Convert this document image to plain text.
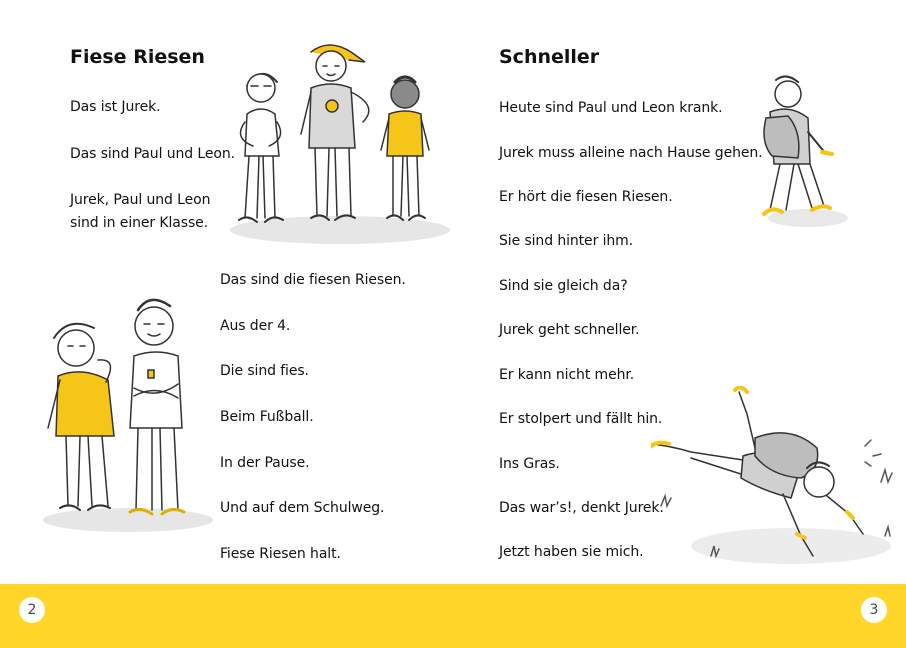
Fiese Riesen
Das ist Jurek.
Das sind Paul und Leon.
Jurek, Paul und Leon
sind in einer Klasse.
Das sind die fiesen Riesen.
Aus der 4.
Die sind fies.
Beim Fußball.
In der Pause.
Und auf dem Schulweg.
Fiese Riesen halt.
Schneller
Heute sind Paul und Leon krank.
Jurek muss alleine nach Hause gehen.
Er hört die fiesen Riesen.
Sie sind hinter ihm.
Sind sie gleich da?
Jurek geht schneller.
Er kann nicht mehr.
Er stolpert und fällt hin.
Ins Gras.
Das war’s!, denkt Jurek.
Jetzt haben sie mich.
2	3
